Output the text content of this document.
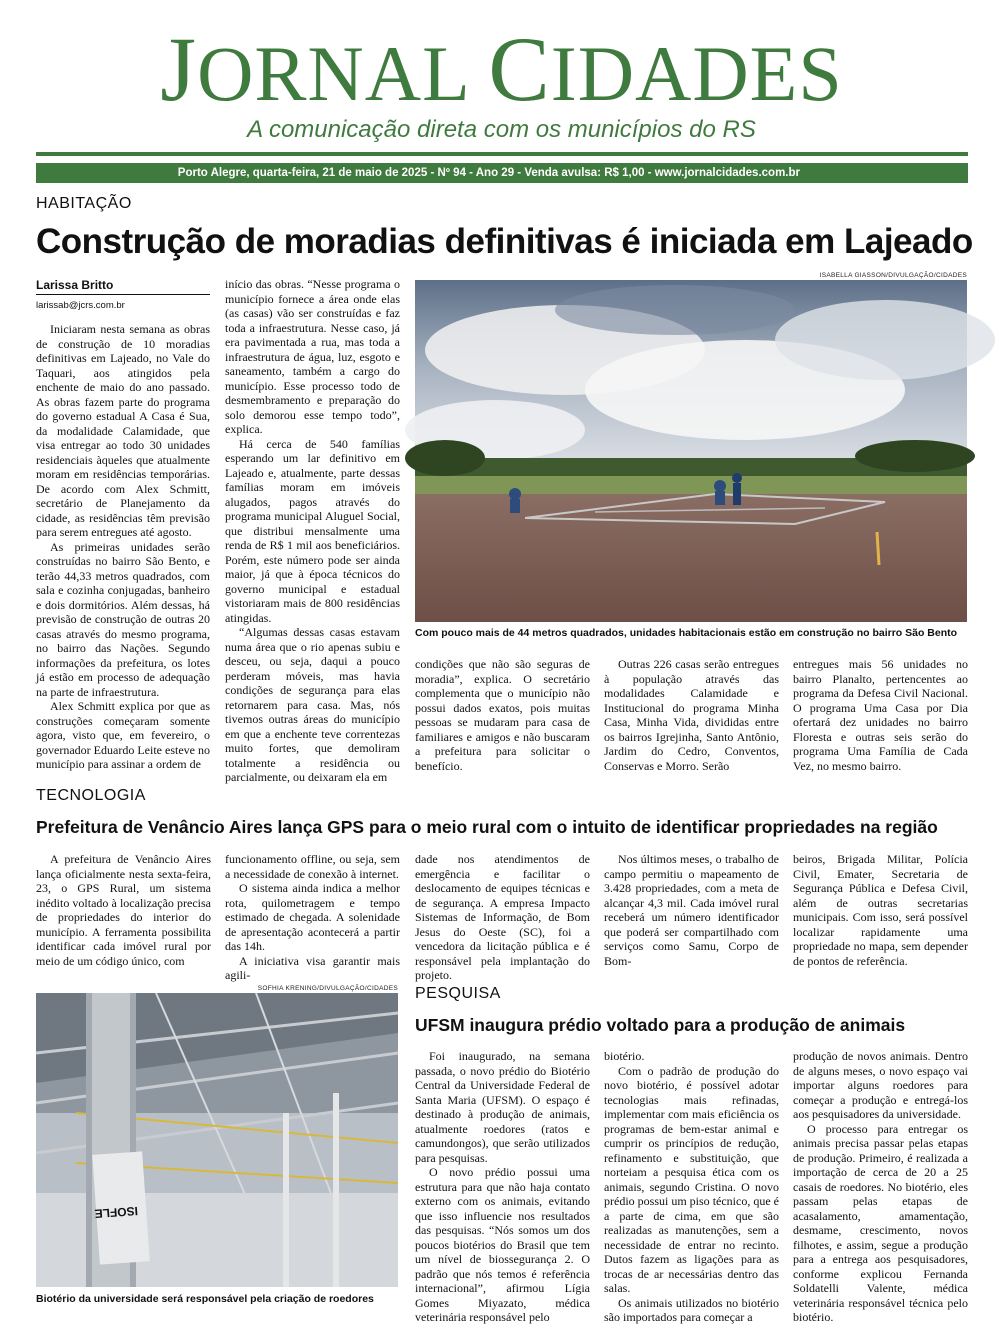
JORNAL CIDADES
A comunicação direta com os municípios do RS
Porto Alegre, quarta-feira, 21 de maio de 2025 - Nº 94 - Ano 29 - Venda avulsa: R$ 1,00 - www.jornalcidades.com.br
HABITAÇÃO
Construção de moradias definitivas é iniciada em Lajeado
Larissa Britto
larissab@jcrs.com.br

Iniciaram nesta semana as obras de construção de 10 moradias definitivas em Lajeado, no Vale do Taquari, aos atingidos pela enchente de maio do ano passado. As obras fazem parte do programa do governo estadual A Casa é Sua, da modalidade Calamidade, que visa entregar ao todo 30 unidades residenciais àqueles que atualmente moram em residências temporárias. De acordo com Alex Schmitt, secretário de Planejamento da cidade, as residências têm previsão para serem entregues até agosto.

As primeiras unidades serão construídas no bairro São Bento, e terão 44,33 metros quadrados, com sala e cozinha conjugadas, banheiro e dois dormitórios. Além dessas, há previsão de construção de outras 20 casas através do mesmo programa, no bairro das Nações. Segundo informações da prefeitura, os lotes já estão em processo de adequação na parte de infraestrutura.

Alex Schmitt explica por que as construções começaram somente agora, visto que, em fevereiro, o governador Eduardo Leite esteve no município para assinar a ordem de

início das obras. “Nesse programa o município fornece a área onde elas (as casas) vão ser construídas e faz toda a infraestrutura. Nesse caso, já era pavimentada a rua, mas toda a infraestrutura de água, luz, esgoto e saneamento, também a cargo do município. Esse processo todo de desmembramento e preparação do solo demorou esse tempo todo”, explica.

Há cerca de 540 famílias esperando um lar definitivo em Lajeado e, atualmente, parte dessas famílias moram em imóveis alugados, pagos através do programa municipal Aluguel Social, que distribui mensalmente uma renda de R$ 1 mil aos beneficiários. Porém, este número pode ser ainda maior, já que à época técnicos do governo municipal e estadual vistoriaram mais de 800 residências atingidas.

“Algumas dessas casas estavam numa área que o rio apenas subiu e desceu, ou seja, daqui a pouco perderam móveis, mas havia condições de segurança para elas retornarem para casa. Mas, nós tivemos outras áreas do município em que a enchente teve correntezas muito fortes, que demoliram totalmente a residência ou parcialmente, ou deixaram ela em

ISABELLA GIASSON/DIVULGAÇÃO/CIDADES
Com pouco mais de 44 metros quadrados, unidades habitacionais estão em construção no bairro São Bento

condições que não são seguras de moradia”, explica. O secretário complementa que o município não possui dados exatos, pois muitas pessoas se mudaram para casa de familiares e amigos e não buscaram a prefeitura para solicitar o benefício.

Outras 226 casas serão entregues à população através das modalidades Calamidade e Institucional do programa Minha Casa, Minha Vida, divididas entre os bairros Igrejinha, Santo Antônio, Jardim do Cedro, Conventos, Conservas e Morro. Serão

entregues mais 56 unidades no bairro Planalto, pertencentes ao programa da Defesa Civil Nacional. O programa Uma Casa por Dia ofertará dez unidades no bairro Floresta e outras seis serão do programa Uma Família de Cada Vez, no mesmo bairro.

TECNOLOGIA
Prefeitura de Venâncio Aires lança GPS para o meio rural com o intuito de identificar propriedades na região

A prefeitura de Venâncio Aires lança oficialmente nesta sexta-feira, 23, o GPS Rural, um sistema inédito voltado à localização precisa de propriedades do interior do município. A ferramenta possibilita identificar cada imóvel rural por meio de um código único, com

funcionamento offline, ou seja, sem a necessidade de conexão à internet.

O sistema ainda indica a melhor rota, quilometragem e tempo estimado de chegada. A solenidade de apresentação acontecerá a partir das 14h.

A iniciativa visa garantir mais agili-

dade nos atendimentos de emergência e facilitar o deslocamento de equipes técnicas e de segurança. A empresa Impacto Sistemas de Informação, de Bom Jesus do Oeste (SC), foi a vencedora da licitação pública e é responsável pela implantação do projeto.

Nos últimos meses, o trabalho de campo permitiu o mapeamento de 3.428 propriedades, com a meta de alcançar 4,3 mil. Cada imóvel rural receberá um número identificador que poderá ser compartilhado com serviços como Samu, Corpo de Bom-

beiros, Brigada Militar, Polícia Civil, Emater, Secretaria de Segurança Pública e Defesa Civil, além de outras secretarias municipais. Com isso, será possível localizar rapidamente uma propriedade no mapa, sem depender de pontos de referência.

SOFHIA KRENING/DIVULGAÇÃO/CIDADES
ISOFLE
Biotério da universidade será responsável pela criação de roedores
PESQUISA
UFSM inaugura prédio voltado para a produção de animais

Foi inaugurado, na semana passada, o novo prédio do Biotério Central da Universidade Federal de Santa Maria (UFSM). O espaço é destinado à produção de animais, atualmente roedores (ratos e camundongos), que serão utilizados para pesquisas.

O novo prédio possui uma estrutura para que não haja contato externo com os animais, evitando que isso influencie nos resultados das pesquisas. “Nós somos um dos poucos biotérios do Brasil que tem um nível de biossegurança 2. O padrão que nós temos é referência internacional”, afirmou Lígia Gomes Miyazato, médica veterinária responsável pelo

biotério.

Com o padrão de produção do novo biotério, é possível adotar tecnologias mais refinadas, implementar com mais eficiência os programas de bem-estar animal e cumprir os princípios de redução, refinamento e substituição, que norteiam a pesquisa ética com os animais, segundo Cristina. O novo prédio possui um piso técnico, que é a parte de cima, em que são realizadas as manutenções, sem a necessidade de entrar no recinto. Dutos fazem as ligações para as trocas de ar necessárias dentro das salas.

Os animais utilizados no biotério são importados para começar a

produção de novos animais. Dentro de alguns meses, o novo espaço vai importar alguns roedores para começar a produção e entregá-los aos pesquisadores da universidade.

O processo para entregar os animais precisa passar pelas etapas de produção. Primeiro, é realizada a importação de cerca de 20 a 25 casais de roedores. No biotério, eles passam pelas etapas de acasalamento, amamentação, desmame, crescimento, novos filhotes, e assim, segue a produção para a entrega aos pesquisadores, conforme explicou Fernanda Soldatelli Valente, médica veterinária responsável técnica pelo biotério.
